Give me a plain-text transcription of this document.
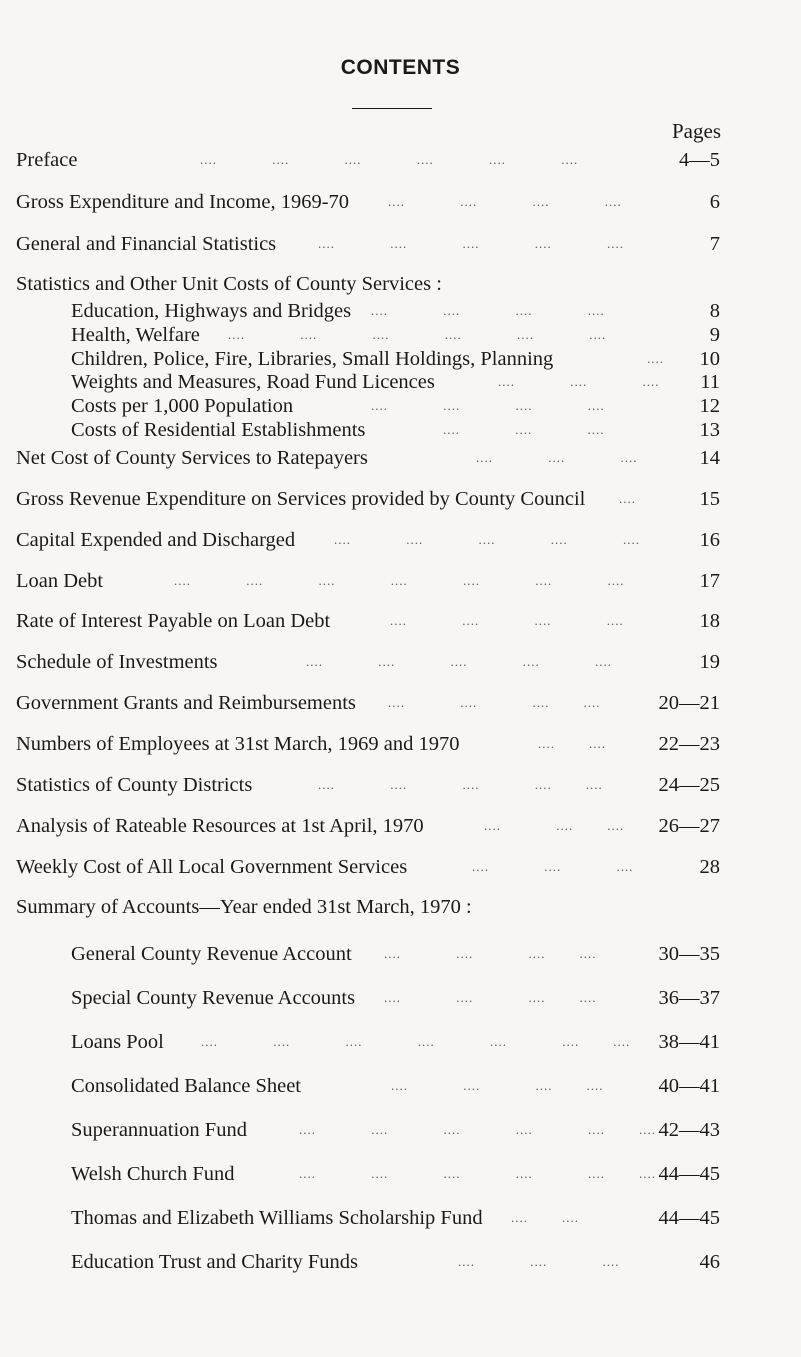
CONTENTS
Pages
Preface	....             ....             ....             ....             ....             ....	4—5
Gross Expenditure and Income, 1969-70	....             ....             ....             ....	6
General and Financial Statistics	....             ....             ....             ....             ....	7
Statistics and Other Unit Costs of County Services :
Education, Highways and Bridges ....             ....             ....             ....	8
Health, Welfare ....             ....             ....             ....             ....             ....	9
Children, Police, Fire, Libraries, Small Holdings, Planning	.... 10
Weights and Measures, Road Fund Licences	....             ....             .... 11
Costs per 1,000 Population	....             ....             ....             ....	12
Costs of Residential Establishments	....             ....             ....	13
Net Cost of County Services to Ratepayers	....             ....             ....	14
Gross Revenue Expenditure on Services provided by County Council	....	15
Capital Expended and Discharged	....             ....             ....             ....             ....	16
Loan Debt	....             ....             ....             ....             ....             ....             ....	17
Rate of Interest Payable on Loan Debt	....             ....             ....             ....	18
Schedule of Investments	....             ....             ....             ....             ....	19
Government Grants and Reimbursements ....             ....             ....        ....	20—21
Numbers of Employees at 31st March, 1969 and 1970	....        ....	22—23
Statistics of County Districts	....             ....             ....             ....        ....	24—25
Analysis of Rateable Resources at 1st April, 1970	....             ....        .... 26—27
Weekly Cost of All Local Government Services	....             ....             ....	28
Summary of Accounts—Year ended 31st March, 1970 :
General County Revenue Account ....             ....             ....        ....	30—35
Special County Revenue Accounts ....             ....             ....        ....	36—37
Loans Pool	....             ....             ....             ....             ....             ....        .... 38—41
Consolidated Balance Sheet	....             ....             ....        ....	40—41
Superannuation Fund	....             ....             ....             ....             ....        .... 42—43
Welsh Church Fund	....             ....             ....             ....             ....        .... 44—45
Thomas and Elizabeth Williams Scholarship Fund ....        ....	44—45
Education Trust and Charity Funds	....             ....             ....	46
